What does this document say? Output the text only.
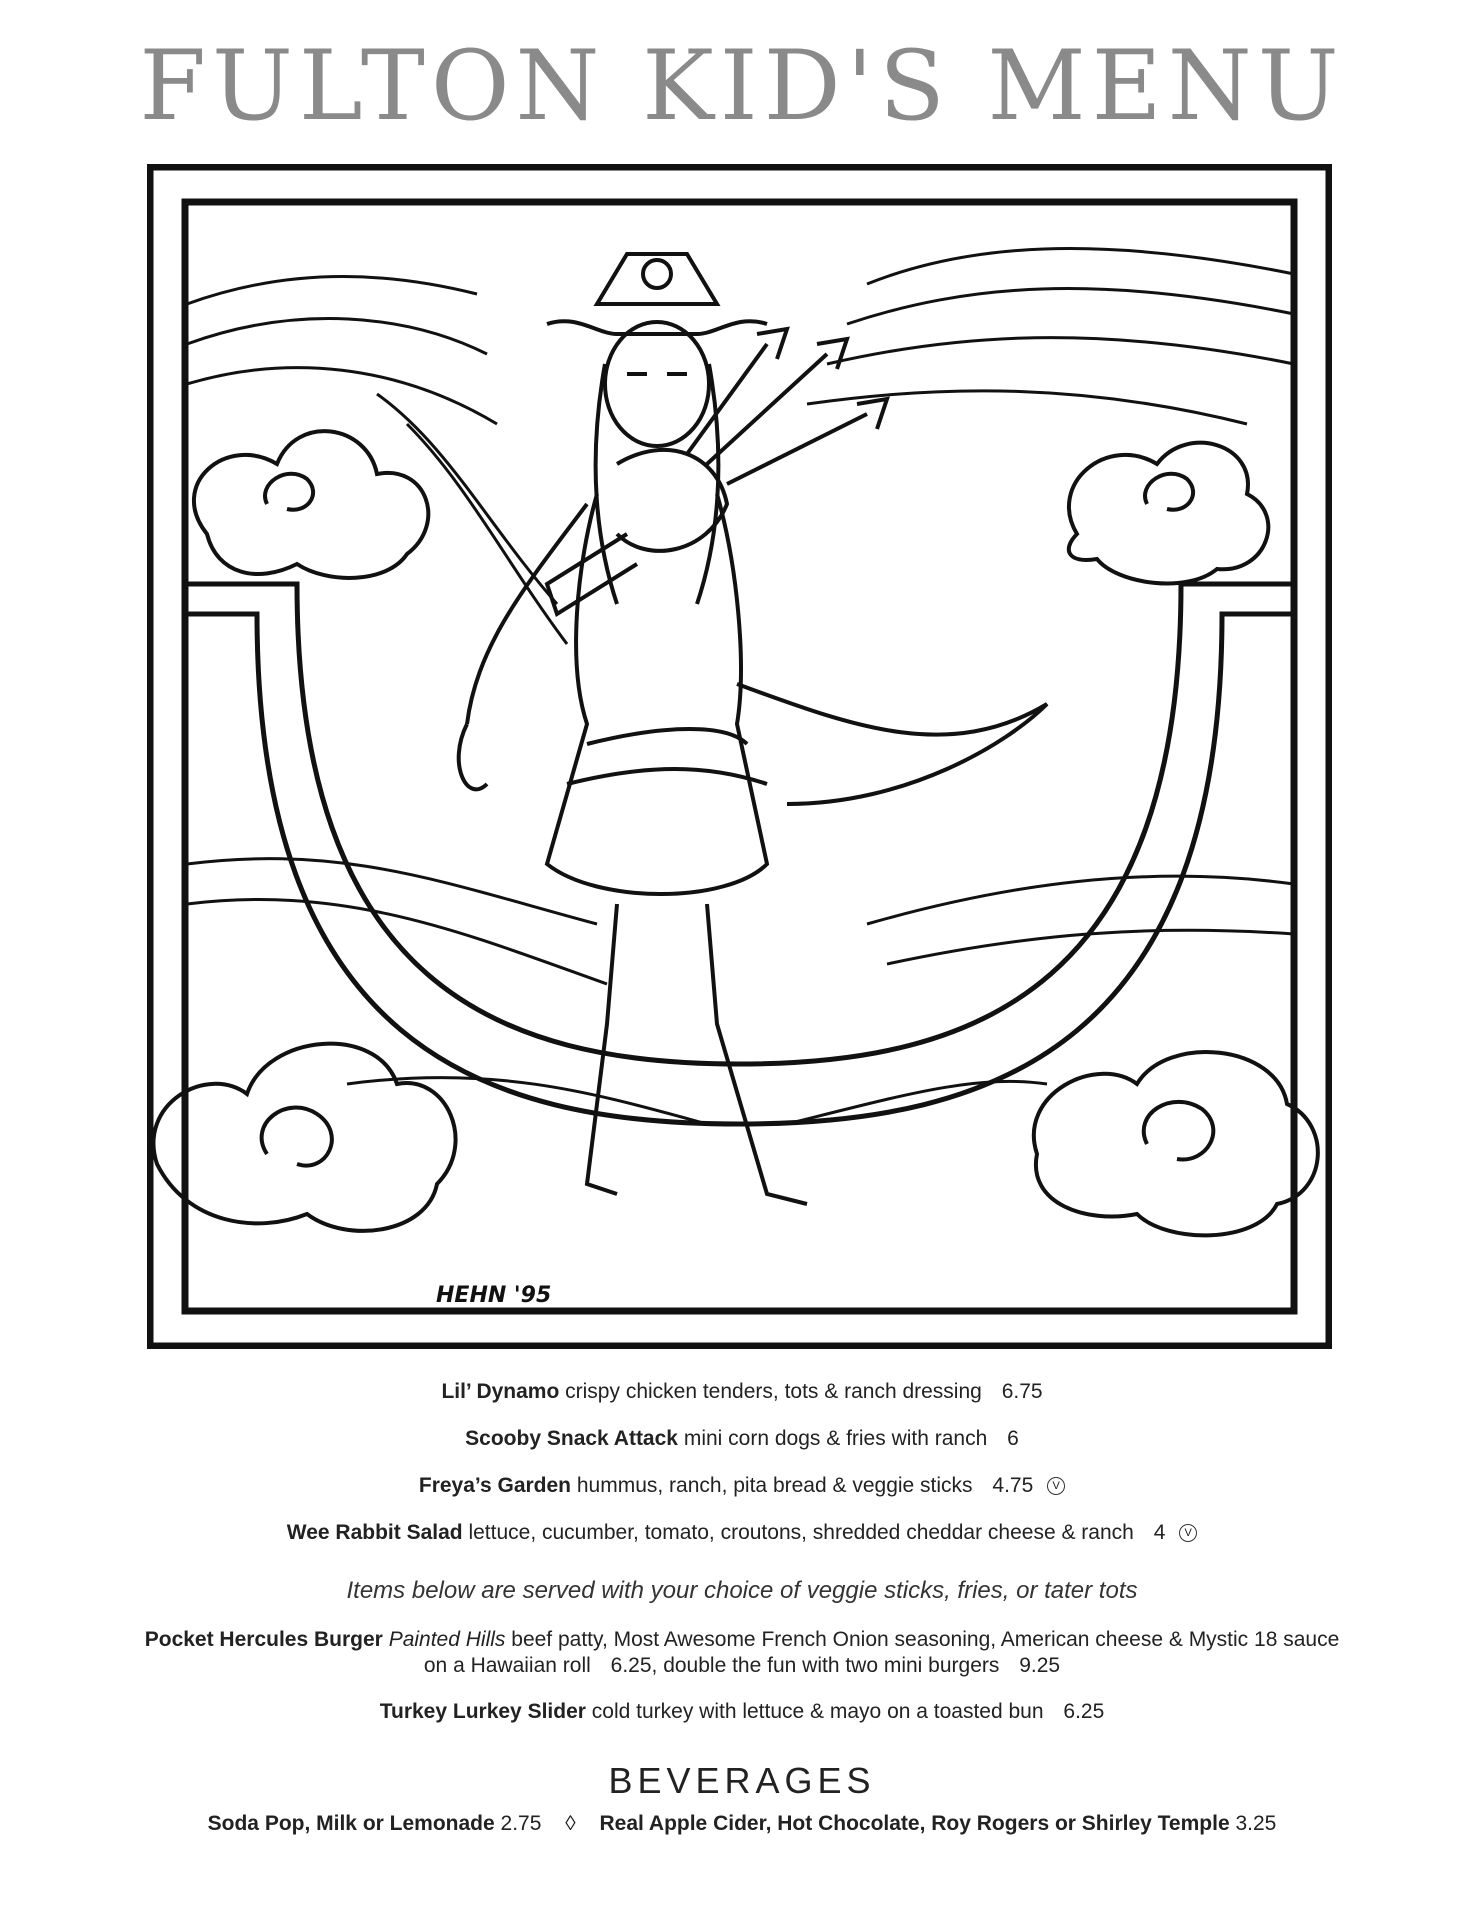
FULTON KID'S MENU
HEHN '95
Lil’ Dynamo crispy chicken tenders, tots & ranch dressing 6.75
Scooby Snack Attack mini corn dogs & fries with ranch 6
Freya’s Garden hummus, ranch, pita bread & veggie sticks 4.75 V
Wee Rabbit Salad lettuce, cucumber, tomato, croutons, shredded cheddar cheese & ranch 4 V
Items below are served with your choice of veggie sticks, fries, or tater tots
Pocket Hercules Burger Painted Hills beef patty, Most Awesome French Onion seasoning, American cheese & Mystic 18 sauce
on a Hawaiian roll 6.25, double the fun with two mini burgers 9.25
Turkey Lurkey Slider cold turkey with lettuce & mayo on a toasted bun 6.25
BEVERAGES
Soda Pop, Milk or Lemonade 2.75 ◊ Real Apple Cider, Hot Chocolate, Roy Rogers or Shirley Temple 3.25
